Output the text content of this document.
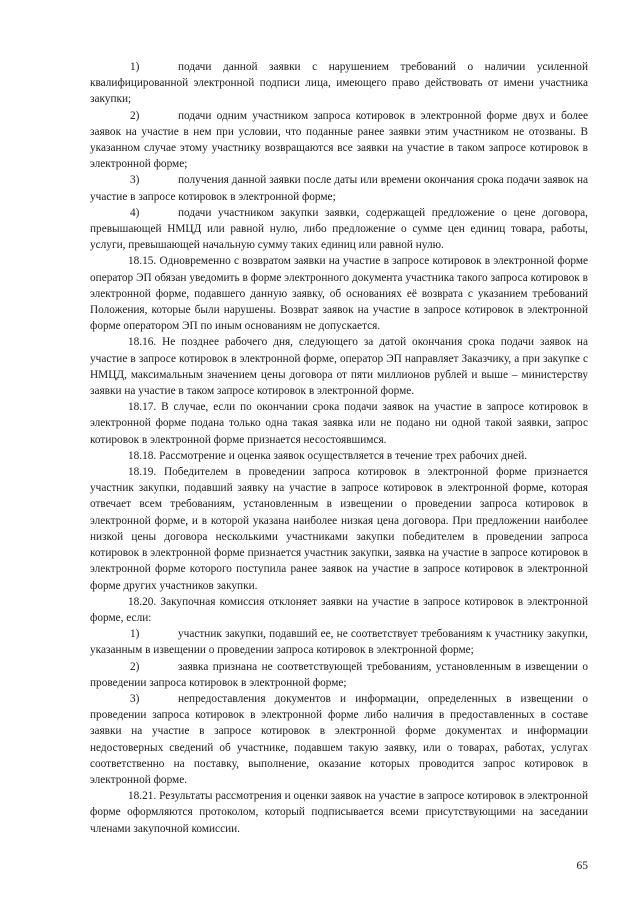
1)	подачи данной заявки с нарушением требований о наличии усиленной квалифицированной электронной подписи лица, имеющего право действовать от имени участника закупки;

2)	подачи одним участником запроса котировок в электронной форме двух и более заявок на участие в нем при условии, что поданные ранее заявки этим участником не отозваны. В указанном случае этому участнику возвращаются все заявки на участие в таком запросе котировок в электронной форме;

3)	получения данной заявки после даты или времени окончания срока подачи заявок на участие в запросе котировок в электронной форме;

4)	подачи участником закупки заявки, содержащей предложение о цене договора, превышающей НМЦД или равной нулю, либо предложение о сумме цен единиц товара, работы, услуги, превышающей начальную сумму таких единиц или равной нулю.

18.15. Одновременно с возвратом заявки на участие в запросе котировок в электронной форме оператор ЭП обязан уведомить в форме электронного документа участника такого запроса котировок в электронной форме, подавшего данную заявку, об основаниях её возврата с указанием требований Положения, которые были нарушены. Возврат заявок на участие в запросе котировок в электронной форме оператором ЭП по иным основаниям не допускается.

18.16. Не позднее рабочего дня, следующего за датой окончания срока подачи заявок на участие в запросе котировок в электронной форме, оператор ЭП направляет Заказчику, а при закупке с НМЦД, максимальным значением цены договора от пяти миллионов рублей и выше – министерству заявки на участие в таком запросе котировок в электронной форме.

18.17. В случае, если по окончании срока подачи заявок на участие в запросе котировок в электронной форме подана только одна такая заявка или не подано ни одной такой заявки, запрос котировок в электронной форме признается несостоявшимся.

18.18. Рассмотрение и оценка заявок осуществляется в течение трех рабочих дней.

18.19. Победителем в проведении запроса котировок в электронной форме признается участник закупки, подавший заявку на участие в запросе котировок в электронной форме, которая отвечает всем требованиям, установленным в извещении о проведении запроса котировок в электронной форме, и в которой указана наиболее низкая цена договора. При предложении наиболее низкой цены договора несколькими участниками закупки победителем в проведении запроса котировок в электронной форме признается участник закупки, заявка на участие в запросе котировок в электронной форме которого поступила ранее заявок на участие в запросе котировок в электронной форме других участников закупки.

18.20. Закупочная комиссия отклоняет заявки на участие в запросе котировок в электронной форме, если:

1)	участник закупки, подавший ее, не соответствует требованиям к участнику закупки, указанным в извещении о проведении запроса котировок в электронной форме;

2)	заявка признана не соответствующей требованиям, установленным в извещении о проведении запроса котировок в электронной форме;

3)	непредоставления документов и информации, определенных в извещении о проведении запроса котировок в электронной форме либо наличия в предоставленных в составе заявки на участие в запросе котировок в электронной форме документах и информации недостоверных сведений об участнике, подавшем такую заявку, или о товарах, работах, услугах соответственно на поставку, выполнение, оказание которых проводится запрос котировок в электронной форме.

18.21. Результаты рассмотрения и оценки заявок на участие в запросе котировок в электронной форме оформляются протоколом, который подписывается всеми присутствующими на заседании членами закупочной комиссии.

65
